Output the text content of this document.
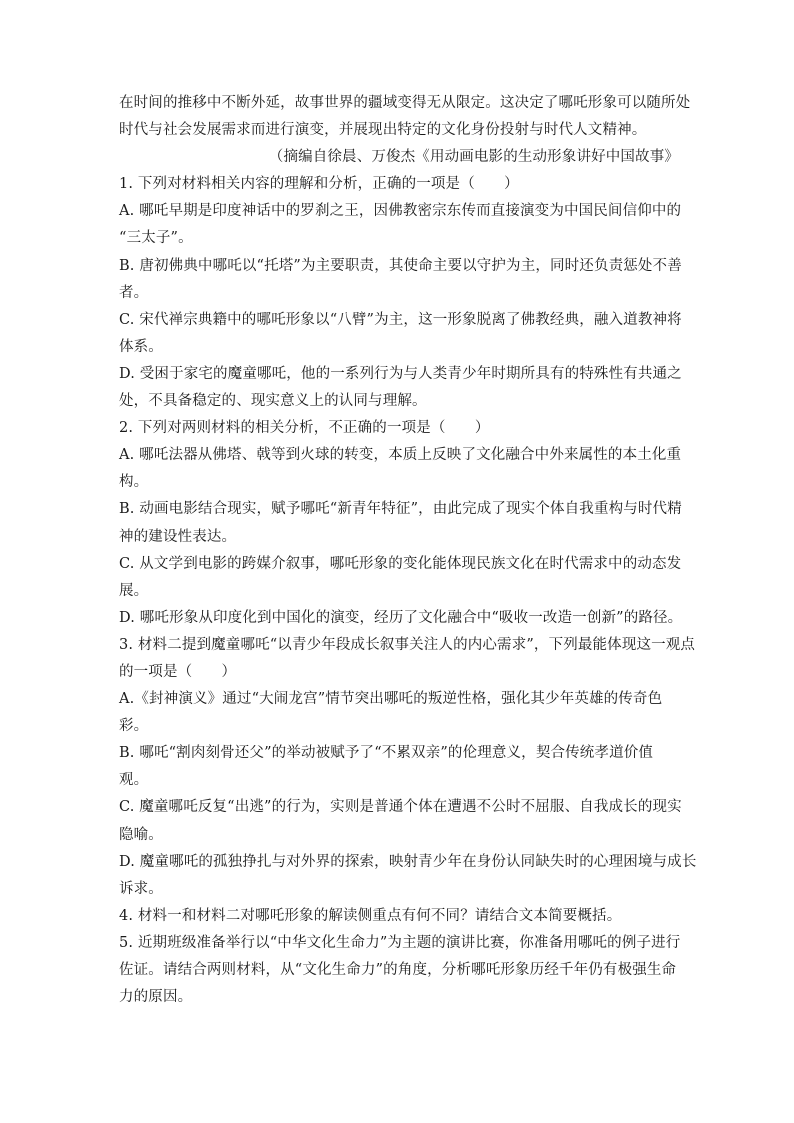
在时间的推移中不断外延，故事世界的疆域变得无从限定。这决定了哪吒形象可以随所处
时代与社会发展需求而进行演变，并展现出特定的文化身份投射与时代人文精神。
（摘编自徐晨、万俊杰《用动画电影的生动形象讲好中国故事》
1. 下列对材料相关内容的理解和分析，正确的一项是（　　）
A. 哪吒早期是印度神话中的罗刹之王，因佛教密宗东传而直接演变为中国民间信仰中的
“三太子”。
B. 唐初佛典中哪吒以“托塔”为主要职责，其使命主要以守护为主，同时还负责惩处不善
者。
C. 宋代禅宗典籍中的哪吒形象以“八臂”为主，这一形象脱离了佛教经典，融入道教神将
体系。
D. 受困于家宅的魔童哪吒，他的一系列行为与人类青少年时期所具有的特殊性有共通之
处，不具备稳定的、现实意义上的认同与理解。
2. 下列对两则材料的相关分析，不正确的一项是（　　）
A. 哪吒法器从佛塔、戟等到火球的转变，本质上反映了文化融合中外来属性的本土化重
构。
B. 动画电影结合现实，赋予哪吒“新青年特征”，由此完成了现实个体自我重构与时代精
神的建设性表达。
C. 从文学到电影的跨媒介叙事，哪吒形象的变化能体现民族文化在时代需求中的动态发
展。
D. 哪吒形象从印度化到中国化的演变，经历了文化融合中“吸收一改造一创新”的路径。
3. 材料二提到魔童哪吒“以青少年段成长叙事关注人的内心需求”，下列最能体现这一观点
的一项是（　　）
A.《封神演义》通过“大闹龙宫”情节突出哪吒的叛逆性格，强化其少年英雄的传奇色
彩。
B. 哪吒“割肉刻骨还父”的举动被赋予了“不累双亲”的伦理意义，契合传统孝道价值
观。
C. 魔童哪吒反复“出逃”的行为，实则是普通个体在遭遇不公时不屈服、自我成长的现实
隐喻。
D. 魔童哪吒的孤独挣扎与对外界的探索，映射青少年在身份认同缺失时的心理困境与成长
诉求。
4. 材料一和材料二对哪吒形象的解读侧重点有何不同？请结合文本简要概括。
5. 近期班级准备举行以“中华文化生命力”为主题的演讲比赛，你准备用哪吒的例子进行
佐证。请结合两则材料，从“文化生命力”的角度，分析哪吒形象历经千年仍有极强生命
力的原因。
